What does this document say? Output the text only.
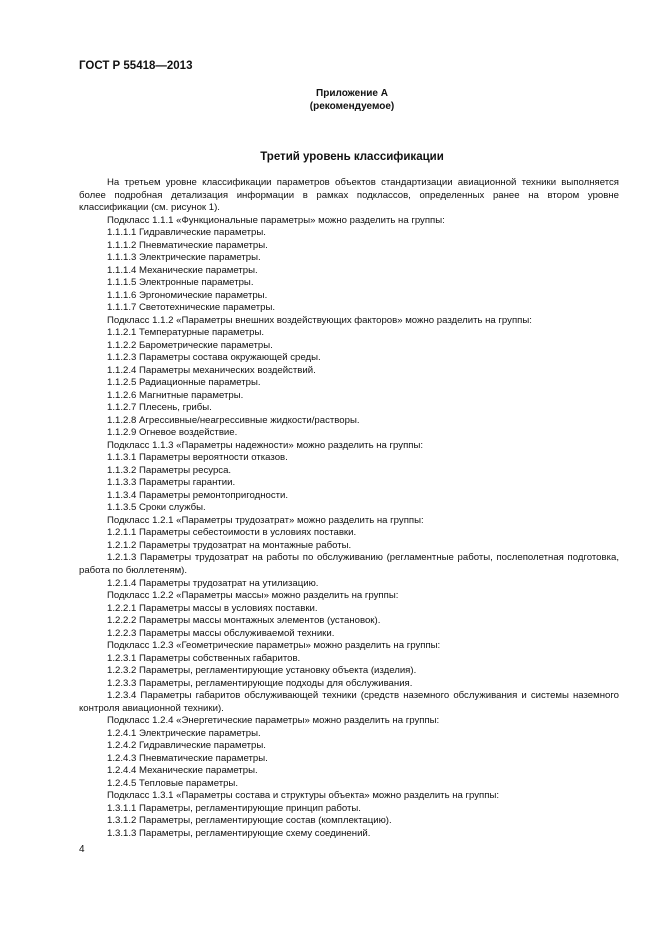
ГОСТ Р 55418—2013
Приложение А
(рекомендуемое)
Третий уровень классификации

На третьем уровне классификации параметров объектов стандартизации авиационной техники выполняется более подробная детализация информации в рамках подклассов, определенных ранее на втором уровне классификации (см. рисунок 1).

Подкласс 1.1.1 «Функциональные параметры» можно разделить на группы:

1.1.1.1 Гидравлические параметры.

1.1.1.2 Пневматические параметры.

1.1.1.3 Электрические параметры.

1.1.1.4 Механические параметры.

1.1.1.5 Электронные параметры.

1.1.1.6 Эргономические параметры.

1.1.1.7 Светотехнические параметры.

Подкласс 1.1.2 «Параметры внешних воздействующих факторов» можно разделить на группы:

1.1.2.1 Температурные параметры.

1.1.2.2 Барометрические параметры.

1.1.2.3 Параметры состава окружающей среды.

1.1.2.4 Параметры механических воздействий.

1.1.2.5 Радиационные параметры.

1.1.2.6 Магнитные параметры.

1.1.2.7 Плесень, грибы.

1.1.2.8 Агрессивные/неагрессивные жидкости/растворы.

1.1.2.9 Огневое воздействие.

Подкласс 1.1.3 «Параметры надежности» можно разделить на группы:

1.1.3.1 Параметры вероятности отказов.

1.1.3.2 Параметры ресурса.

1.1.3.3 Параметры гарантии.

1.1.3.4 Параметры ремонтопригодности.

1.1.3.5 Сроки службы.

Подкласс 1.2.1 «Параметры трудозатрат» можно разделить на группы:

1.2.1.1 Параметры себестоимости в условиях поставки.

1.2.1.2 Параметры трудозатрат на монтажные работы.

1.2.1.3 Параметры трудозатрат на работы по обслуживанию (регламентные работы, послеполетная подготовка, работа по бюллетеням).

1.2.1.4 Параметры трудозатрат на утилизацию.

Подкласс 1.2.2 «Параметры массы» можно разделить на группы:

1.2.2.1 Параметры массы в условиях поставки.

1.2.2.2 Параметры массы монтажных элементов (установок).

1.2.2.3 Параметры массы обслуживаемой техники.

Подкласс 1.2.3 «Геометрические параметры» можно разделить на группы:

1.2.3.1 Параметры собственных габаритов.

1.2.3.2 Параметры, регламентирующие установку объекта (изделия).

1.2.3.3 Параметры, регламентирующие подходы для обслуживания.

1.2.3.4 Параметры габаритов обслуживающей техники (средств наземного обслуживания и системы наземного контроля авиационной техники).

Подкласс 1.2.4 «Энергетические параметры» можно разделить на группы:

1.2.4.1 Электрические параметры.

1.2.4.2 Гидравлические параметры.

1.2.4.3 Пневматические параметры.

1.2.4.4 Механические параметры.

1.2.4.5 Тепловые параметры.

Подкласс 1.3.1 «Параметры состава и структуры объекта» можно разделить на группы:

1.3.1.1 Параметры, регламентирующие принцип работы.

1.3.1.2 Параметры, регламентирующие состав (комплектацию).

1.3.1.3 Параметры, регламентирующие схему соединений.

4
